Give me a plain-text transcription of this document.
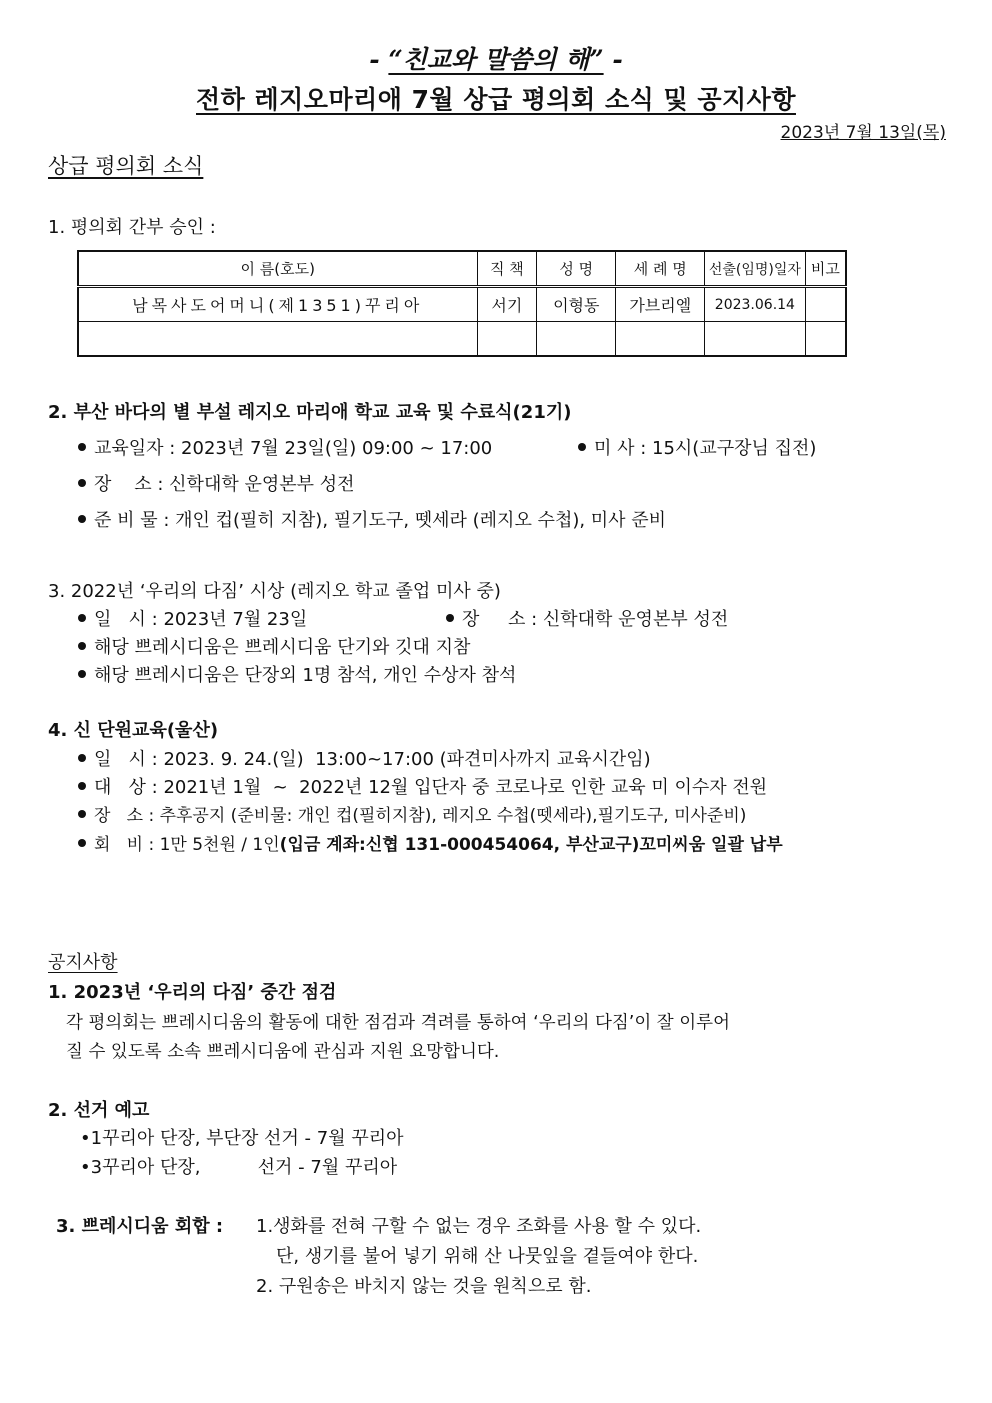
- “친교와 말씀의 해” -
전하 레지오마리애 7월 상급 평의회 소식 및 공지사항
2023년 7월 13일(목)
상급 평의회 소식
1. 평의회 간부 승인 :
이 름(호도)	직 책	성 명	세 례 명	선출(임명)일자	비고
남목사도어머니(제1351)꾸리아	서기	이형동	가브리엘	2023.06.14	

2. 부산 바다의 별 부설 레지오 마리애 학교 교육 및 수료식(21기)
교육일자 : 2023년 7월 23일(일) 09:00 ~ 17:00	미 사 : 15시(교구장님 집전)
장    소 : 신학대학 운영본부 성전
준 비 물 : 개인 컵(필히 지참), 필기도구, 뗏세라 (레지오 수첩), 미사 준비
3. 2022년 ‘우리의 다짐’ 시상 (레지오 학교 졸업 미사 중)
일   시 : 2023년 7월 23일	장     소 : 신학대학 운영본부 성전
해당 쁘레시디움은 쁘레시디움 단기와 깃대 지참
해당 쁘레시디움은 단장외 1명 참석, 개인 수상자 참석
4. 신 단원교육(울산)
일   시 : 2023. 9. 24.(일)  13:00~17:00 (파견미사까지 교육시간임)
대   상 : 2021년 1월  ~  2022년 12월 입단자 중 코로나로 인한 교육 미 이수자 전원
장   소 : 추후공지 (준비물: 개인 컵(필히지참), 레지오 수첩(뗏세라),필기도구, 미사준비)
회   비 : 1만 5천원 / 1인(입금 계좌:신협 131-000454064, 부산교구)꼬미씨움 일괄 납부
공지사항
1. 2023년 ‘우리의 다짐’ 중간 점검
각 평의회는 쁘레시디움의 활동에 대한 점검과 격려를 통하여 ‘우리의 다짐’이 잘 이루어
질 수 있도록 소속 쁘레시디움에 관심과 지원 요망합니다.
2. 선거 예고
•1꾸리아 단장, 부단장 선거 - 7월 꾸리아
•3꾸리아 단장,          선거 - 7월 꾸리아
3. 쁘레시디움 회합 : 1.생화를 전혀 구할 수 없는 경우 조화를 사용 할 수 있다.
단, 생기를 불어 넣기 위해 산 나뭇잎을 곁들여야 한다.
2. 구원송은 바치지 않는 것을 원칙으로 함.
